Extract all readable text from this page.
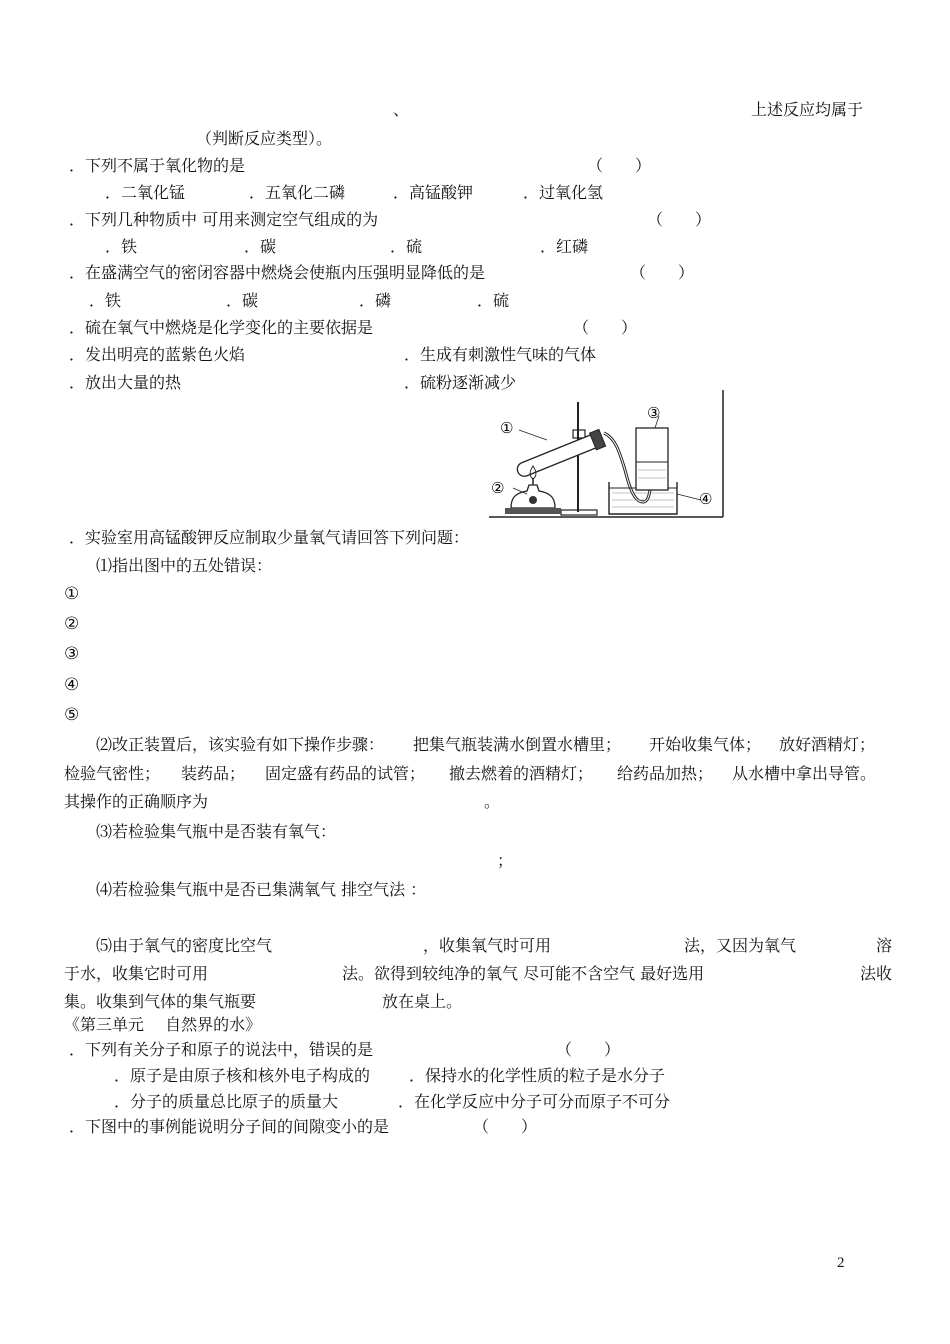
、	上述反应均属于
（判断反应类型）。
．下列不属于氧化物的是	（　　）
．二氧化锰	．五氧化二磷	．高锰酸钾	．过氧化氢
．下列几种物质中 可用来测定空气组成的为	（　　）
．铁	．碳	．硫	．红磷
．在盛满空气的密闭容器中燃烧会使瓶内压强明显降低的是	（　　）
．铁	．碳	．磷	．硫
．硫在氧气中燃烧是化学变化的主要依据是	（　　）
．发出明亮的蓝紫色火焰	．生成有刺激性气味的气体
．放出大量的热	．硫粉逐渐减少
①
②
③
④
．实验室用高锰酸钾反应制取少量氧气请回答下列问题：
⑴指出图中的五处错误：
①
②
③
④
⑤
⑵改正装置后，该实验有如下操作步骤： 把集气瓶装满水倒置水槽里； 开始收集气体； 放好酒精灯；
检验气密性； 装药品； 固定盛有药品的试管； 撤去燃着的酒精灯； 给药品加热； 从水槽中拿出导管。
其操作的正确顺序为	。
⑶若检验集气瓶中是否装有氧气：
；
⑷若检验集气瓶中是否已集满氧气 排空气法 ：
⑸由于氧气的密度比空气	，收集氧气时可用	法，又因为氧气	溶
于水，收集它时可用	法。欲得到较纯净的氧气 尽可能不含空气 最好选用	法收
集。收集到气体的集气瓶要	放在桌上。
《第三单元　 自然界的水》
．下列有关分子和原子的说法中，错误的是	（　　）
．原子是由原子核和核外电子构成的 ．保持水的化学性质的粒子是水分子
．分子的质量总比原子的质量大	．在化学反应中分子可分而原子不可分
．下图中的事例能说明分子间的间隙变小的是	（　　）
2
